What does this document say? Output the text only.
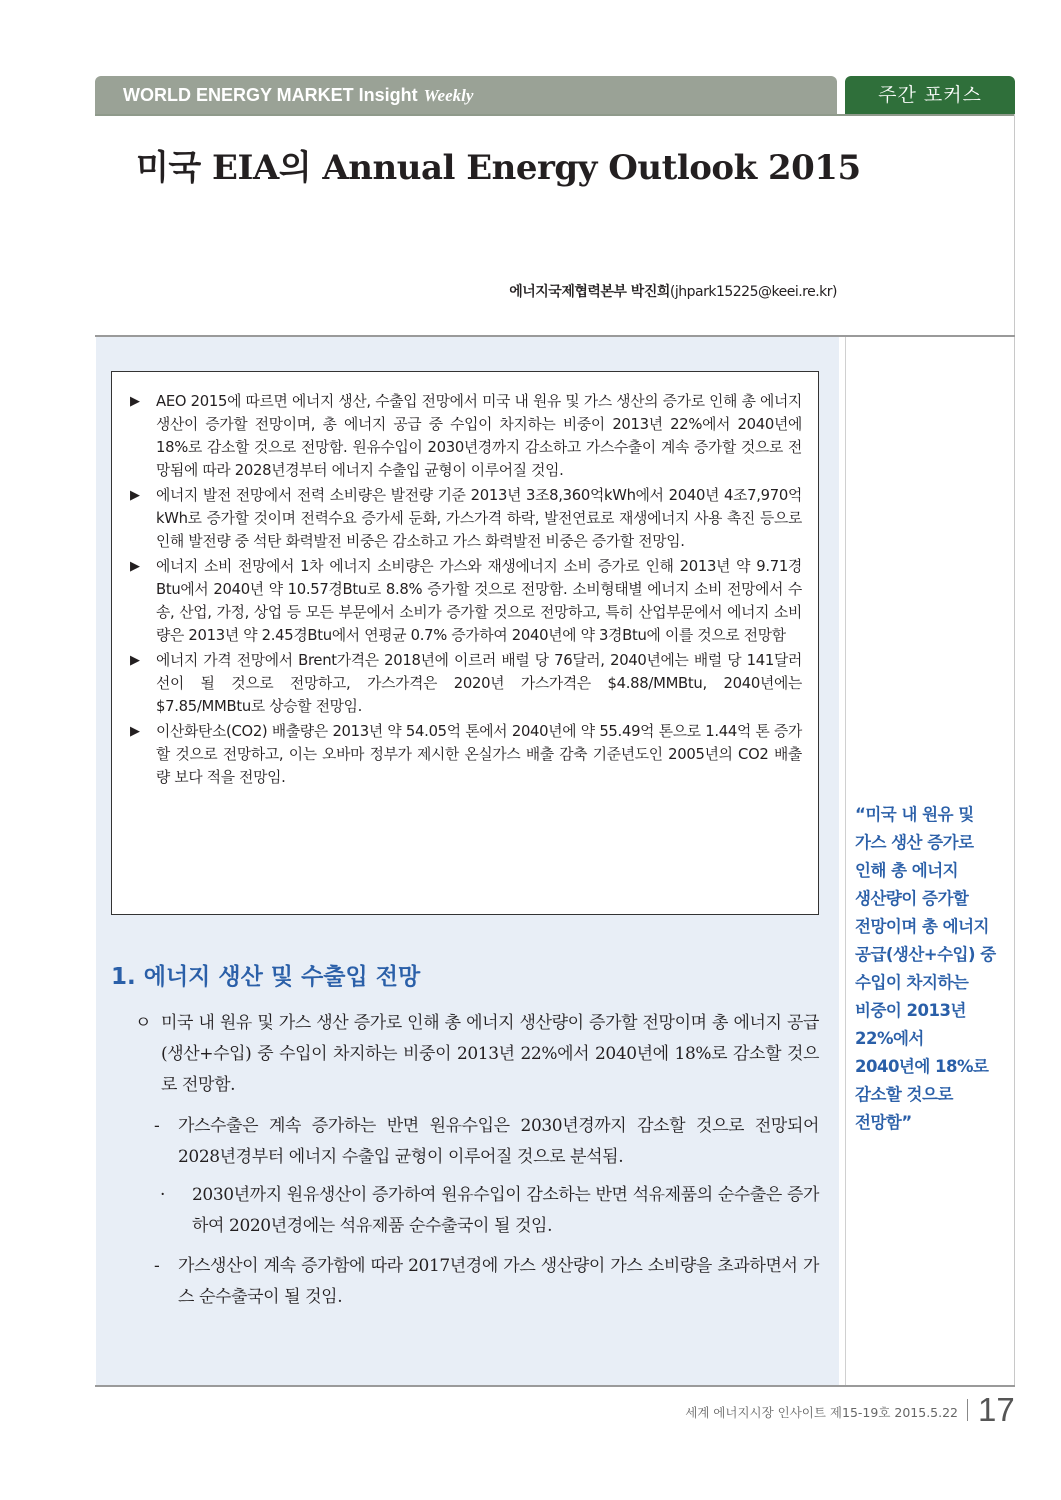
WORLD ENERGY MARKET Insight Weekly	주간 포커스
미국 EIA의 Annual Energy Outlook 2015
에너지국제협력본부 박진희(jhpark15225@keei.re.kr)
▶ AEO 2015에 따르면 에너지 생산, 수출입 전망에서 미국 내 원유 및 가스 생산의 증가로 인해 총 에너지 생산이 증가할 전망이며, 총 에너지 공급 중 수입이 차지하는 비중이 2013년 22%에서 2040년에 18%로 감소할 것으로 전망함. 원유수입이 2030년경까지 감소하고 가스수출이 계속 증가할 것으로 전망됨에 따라 2028년경부터 에너지 수출입 균형이 이루어질 것임.
▶ 에너지 발전 전망에서 전력 소비량은 발전량 기준 2013년 3조8,360억kWh에서 2040년 4조7,970억kWh로 증가할 것이며 전력수요 증가세 둔화, 가스가격 하락, 발전연료로 재생에너지 사용 촉진 등으로 인해 발전량 중 석탄 화력발전 비중은 감소하고 가스 화력발전 비중은 증가할 전망임.
▶ 에너지 소비 전망에서 1차 에너지 소비량은 가스와 재생에너지 소비 증가로 인해 2013년 약 9.71경Btu에서 2040년 약 10.57경Btu로 8.8% 증가할 것으로 전망함. 소비형태별 에너지 소비 전망에서 수송, 산업, 가정, 상업 등 모든 부문에서 소비가 증가할 것으로 전망하고, 특히 산업부문에서 에너지 소비량은 2013년 약 2.45경Btu에서 연평균 0.7% 증가하여 2040년에 약 3경Btu에 이를 것으로 전망함
▶ 에너지 가격 전망에서 Brent가격은 2018년에 이르러 배럴 당 76달러, 2040년에는 배럴 당 141달러 선이 될 것으로 전망하고, 가스가격은 2020년 가스가격은 $4.88/MMBtu, 2040년에는 $7.85/MMBtu로 상승할 전망임.
▶ 이산화탄소(CO2) 배출량은 2013년 약 54.05억 톤에서 2040년에 약 55.49억 톤으로 1.44억 톤 증가할 것으로 전망하고, 이는 오바마 정부가 제시한 온실가스 배출 감축 기준년도인 2005년의 CO2 배출량 보다 적을 전망임.
1. 에너지 생산 및 수출입 전망
ㅇ 미국 내 원유 및 가스 생산 증가로 인해 총 에너지 생산량이 증가할 전망이며 총 에너지 공급(생산+수입) 중 수입이 차지하는 비중이 2013년 22%에서 2040년에 18%로 감소할 것으로 전망함.
-	가스수출은 계속 증가하는 반면 원유수입은 2030년경까지 감소할 것으로 전망되어 2028년경부터 에너지 수출입 균형이 이루어질 것으로 분석됨.
·	2030년까지 원유생산이 증가하여 원유수입이 감소하는 반면 석유제품의 순수출은 증가하여 2020년경에는 석유제품 순수출국이 될 것임.
-	가스생산이 계속 증가함에 따라 2017년경에 가스 생산량이 가스 소비량을 초과하면서 가스 순수출국이 될 것임.
“미국 내 원유 및
가스 생산 증가로
인해 총 에너지
생산량이 증가할
전망이며 총 에너지
공급(생산+수입) 중
수입이 차지하는
비중이 2013년
22%에서
2040년에 18%로
감소할 것으로
전망함”
세계 에너지시장 인사이트 제15-19호 2015.5.22 17
